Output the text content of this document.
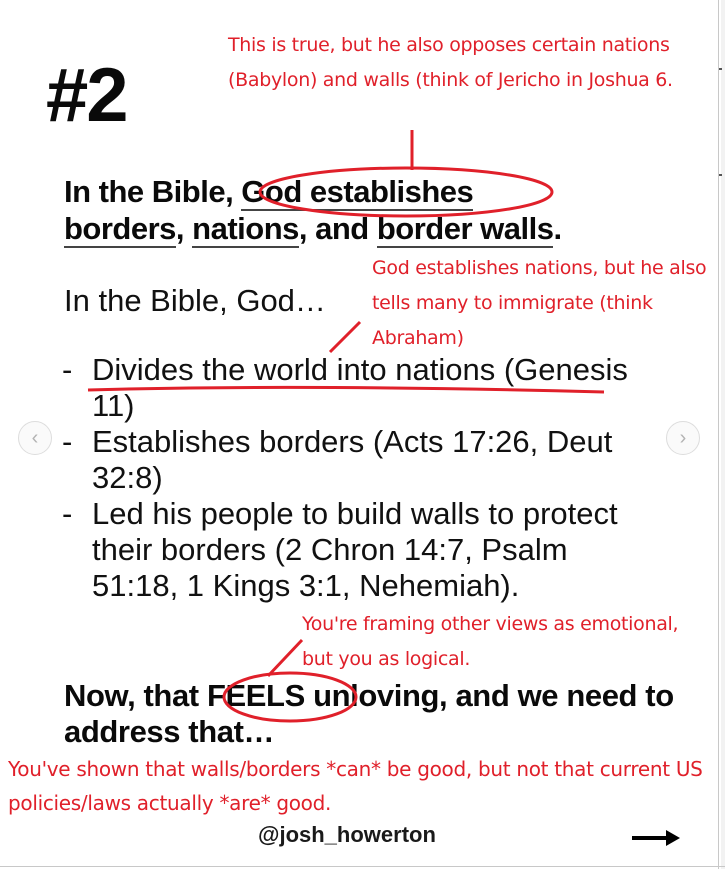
#2
In the Bible, God establishes
borders, nations, and border walls.
In the Bible, God…
- Divides the world into nations (Genesis 11)
- Establishes borders (Acts 17:26, Deut 32:8)
- Led his people to build walls to protect their borders (2 Chron 14:7, Psalm 51:18, 1 Kings 3:1, Nehemiah).
Now, that FEELS unloving, and we need to address that…
@josh_howerton
‹	›
This is true, but he also opposes certain nations (Babylon) and walls (think of Jericho in Joshua 6.
God establishes nations, but he also tells many to immigrate (think Abraham)
You're framing other views as emotional, but you as logical.
You've shown that walls/borders *can* be good, but not that current US policies/laws actually *are* good.
